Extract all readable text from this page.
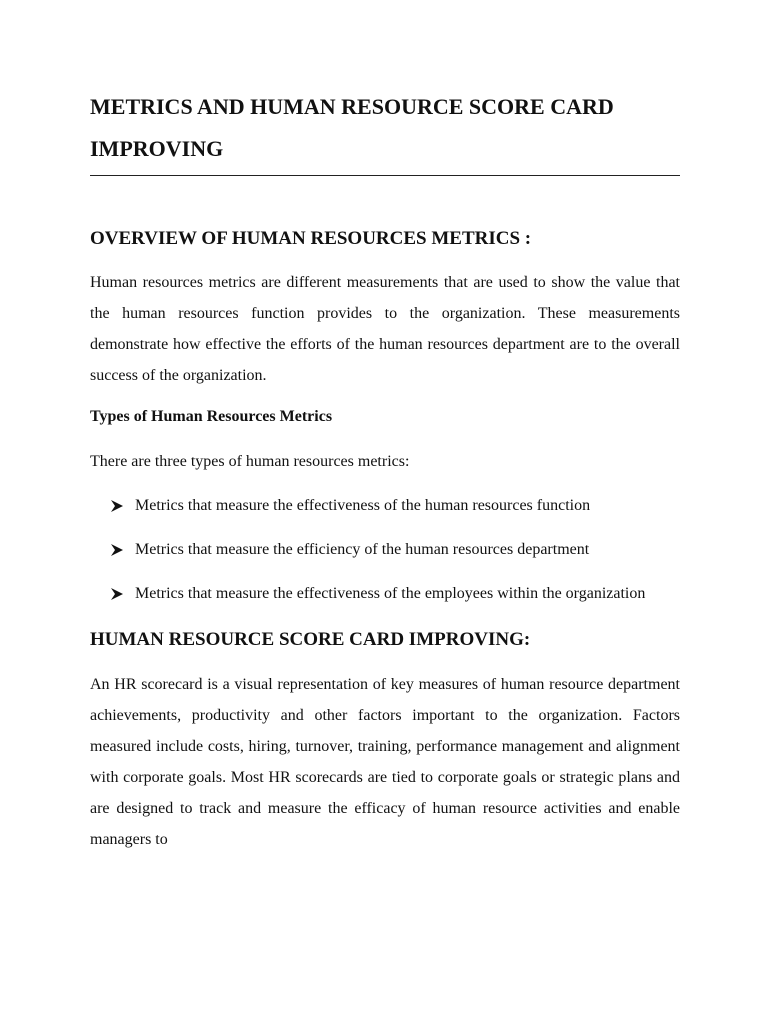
METRICS AND HUMAN RESOURCE SCORE CARD IMPROVING
OVERVIEW OF HUMAN RESOURCES METRICS :

Human resources metrics are different measurements that are used to show the value that the human resources function provides to the organization. These measurements demonstrate how effective the efforts of the human resources department are to the overall success of the organization.

Types of Human Resources Metrics

There are three types of human resources metrics:

Metrics that measure the effectiveness of the human resources function
Metrics that measure the efficiency of the human resources department
Metrics that measure the effectiveness of the employees within the organization
HUMAN RESOURCE SCORE CARD IMPROVING:

An HR scorecard is a visual representation of key measures of human resource department achievements, productivity and other factors important to the organization. Factors measured include costs, hiring, turnover, training, performance management and alignment with corporate goals. Most HR scorecards are tied to corporate goals or strategic plans and are designed to track and measure the efficacy of human resource activities and enable managers to
